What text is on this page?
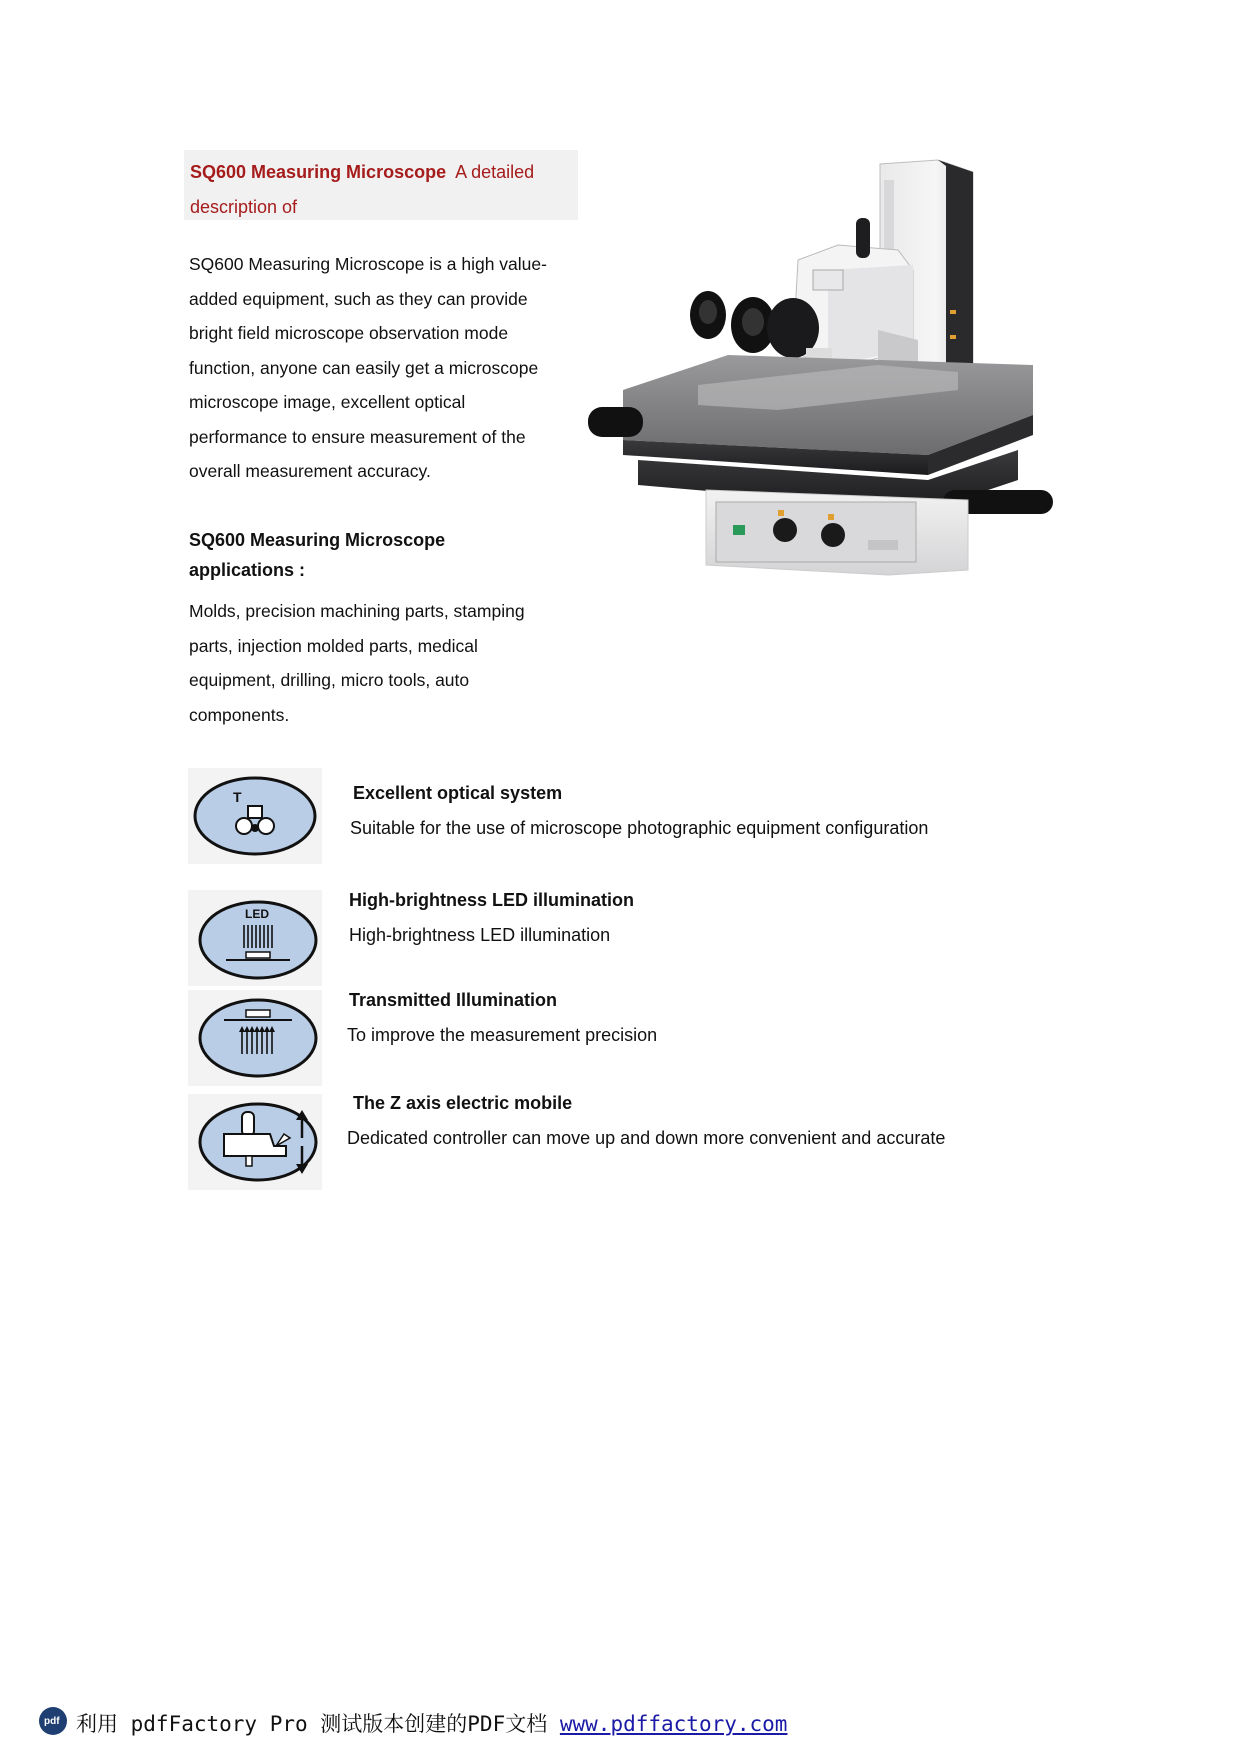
SQ600 Measuring Microscope A detailed
description of
SQ600 Measuring Microscope is a high value-
added equipment, such as they can provide
bright field microscope observation mode
function, anyone can easily get a microscope
microscope image, excellent optical
performance to ensure measurement of the
overall measurement accuracy.
SQ600 Measuring Microscope
applications :
Molds, precision machining parts, stamping
parts, injection molded parts, medical
equipment, drilling, micro tools, auto
components.
T	Excellent optical system
Suitable for the use of microscope photographic equipment configuration
LED
High-brightness LED illumination
High-brightness LED illumination
Transmitted Illumination
To improve the measurement precision
The Z axis electric mobile
Dedicated controller can move up and down more convenient and accurate
pdf 利用 pdfFactory Pro 测试版本创建的PDF文档 www.pdffactory.com
